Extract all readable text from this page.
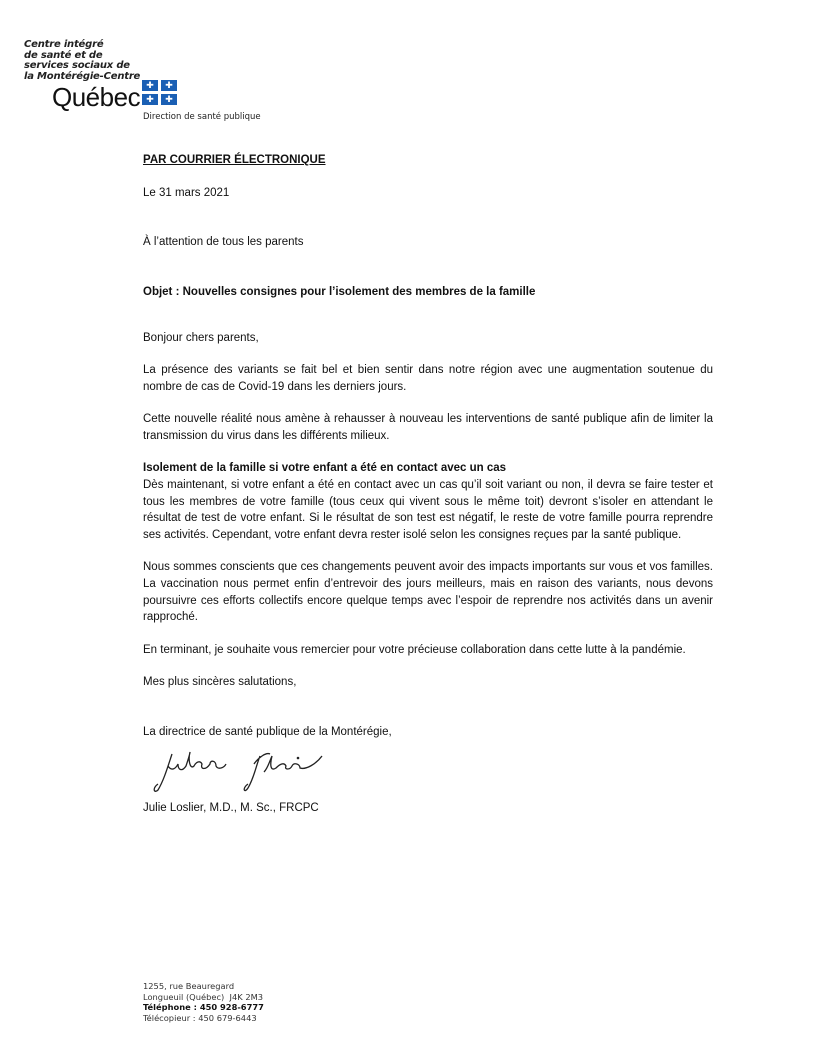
Centre intégré
de santé et de
services sociaux de
la Montérégie-Centre
Québec ✚	✚
✚	✚
Direction de santé publique
PAR COURRIER ÉLECTRONIQUE
Le 31 mars 2021
À l’attention de tous les parents
Objet : Nouvelles consignes pour l’isolement des membres de la famille
Bonjour chers parents,
La présence des variants se fait bel et bien sentir dans notre région avec une augmentation soutenue du nombre de cas de Covid-19 dans les derniers jours.
Cette nouvelle réalité nous amène à rehausser à nouveau les interventions de santé publique afin de limiter la transmission du virus dans les différents milieux.
Isolement de la famille si votre enfant a été en contact avec un cas
Dès maintenant, si votre enfant a été en contact avec un cas qu’il soit variant ou non, il devra se faire tester et tous les membres de votre famille (tous ceux qui vivent sous le même toit) devront s’isoler en attendant le résultat de test de votre enfant. Si le résultat de son test est négatif, le reste de votre famille pourra reprendre ses activités. Cependant, votre enfant devra rester isolé selon les consignes reçues par la santé publique.
Nous sommes conscients que ces changements peuvent avoir des impacts importants sur vous et vos familles. La vaccination nous permet enfin d’entrevoir des jours meilleurs, mais en raison des variants, nous devons poursuivre ces efforts collectifs encore quelque temps avec l’espoir de reprendre nos activités dans un avenir rapproché.
En terminant, je souhaite vous remercier pour votre précieuse collaboration dans cette lutte à la pandémie.
Mes plus sincères salutations,
La directrice de santé publique de la Montérégie,
Julie Loslier, M.D., M. Sc., FRCPC
1255, rue Beauregard
Longueuil (Québec)  J4K 2M3
Téléphone : 450 928-6777
Télécopieur : 450 679-6443
